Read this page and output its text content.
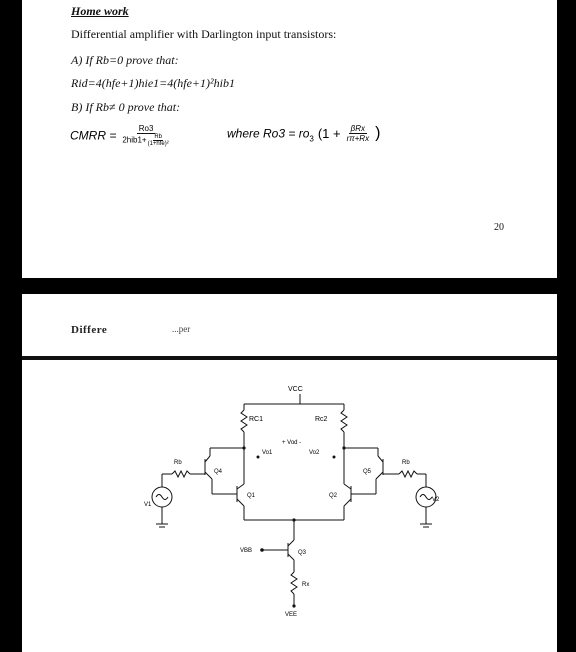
Home work
Differential amplifier with Darlington input transistors:
A) If Rb=0 prove that:
Rid=4(hfe+1)hie1=4(hfe+1)²hib1
B) If Rb≠ 0 prove that:
CMRR = $\frac{Ro3}{2hib1+ \frac{Rb}{\text{(1+hfe)²}}}$	where $Ro3 = ro_3$ ($1 + \frac{\text{βRx}}{r\pi+Rx}$ )
20
Differe	...per
VCC
RC1	Rc2
+ Vod -
Vo1	Vo2
Rb	Rb
Q4	Q5
Q1	Q2
Q3
V1
V2
VBB
Rx
VEE
